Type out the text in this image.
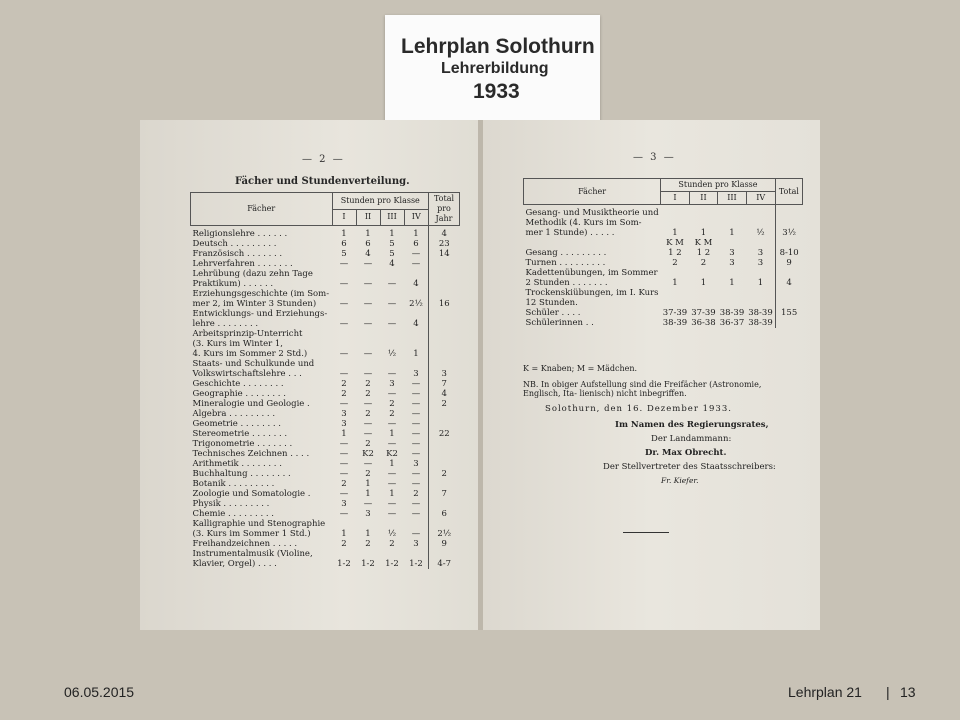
Lehrplan Solothurn
Lehrerbildung
1933
— 2 —
Fächer und Stundenverteilung.
Fächer	Stunden pro Klasse				Total pro Jahr
	I	II	III	IV	
Religionslehre . . . . . .	1	1	1	1	4
Deutsch . . . . . . . . .	6	6	5	6	23
Französisch . . . . . . .	5	4	5	—	14
Lehrverfahren . . . . . . .	—	—	4	—	
Lehrübung (dazu zehn Tage					
Praktikum) . . . . . .	—	—	—	4	
Erziehungsgeschichte (im Som-					
mer 2, im Winter 3 Stunden)	—	—	—	2½	16
Entwicklungs- und Erziehungs-					
lehre . . . . . . . .	—	—	—	4	
Arbeitsprinzip-Unterricht					
(3. Kurs im Winter 1,					
4. Kurs im Sommer 2 Std.)	—	—	½	1	
Staats- und Schulkunde und					
Volkswirtschaftslehre . . .	—	—	—	3	3
Geschichte . . . . . . . .	2	2	3	—	7
Geographie . . . . . . . .	2	2	—	—	4
Mineralogie und Geologie .	—	—	2	—	2
Algebra . . . . . . . . .	3	2	2	—	
Geometrie . . . . . . . .	3	—	—	—	
Stereometrie . . . . . . .	1	—	1	—	22
Trigonometrie . . . . . . .	—	2	—	—	
Technisches Zeichnen . . . .	—	K2	K2	—	
Arithmetik . . . . . . . .	—	—	1	3	
Buchhaltung . . . . . . . .	—	2	—	—	2
Botanik . . . . . . . . .	2	1	—	—	
Zoologie und Somatologie .	—	1	1	2	7
Physik . . . . . . . . .	3	—	—	—	
Chemie . . . . . . . . .	—	3	—	—	6
Kalligraphie und Stenographie					
(3. Kurs im Sommer 1 Std.)	1	1	½	—	2½
Freihandzeichnen . . . . .	2	2	2	3	9
Instrumentalmusik (Violine,					
Klavier, Orgel) . . . .	1-2	1-2	1-2	1-2	4-7
— 3 —
Fächer	Stunden pro Klasse				Total
	I	II	III	IV	
Gesang- und Musiktheorie und					
Methodik (4. Kurs im Som-					
mer 1 Stunde) . . . . .	1	1	1	½	3½
	K M	K M			
Gesang . . . . . . . . .	1 2	1 2	3	3	8-10
Turnen . . . . . . . . .	2	2	3	3	9
Kadettenübungen, im Sommer					
2 Stunden . . . . . . .	1	1	1	1	4
Trockenskiübungen, im I. Kurs					
12 Stunden.					
Schüler . . . .	37-39	37-39	38-39	38-39	155
Schülerinnen . .	38-39	36-38	36-37	38-39	
K = Knaben; M = Mädchen.
NB. In obiger Aufstellung sind die Freifächer (Astronomie, Englisch, Ita- lienisch) nicht inbegriffen.
Solothurn, den 16. Dezember 1933.
Im Namen des Regierungsrates,
Der Landammann:
Dr. Max Obrecht.
Der Stellvertreter des Staatsschreibers:
Fr. Kiefer.
06.05.2015	Lehrplan 21 | 13
